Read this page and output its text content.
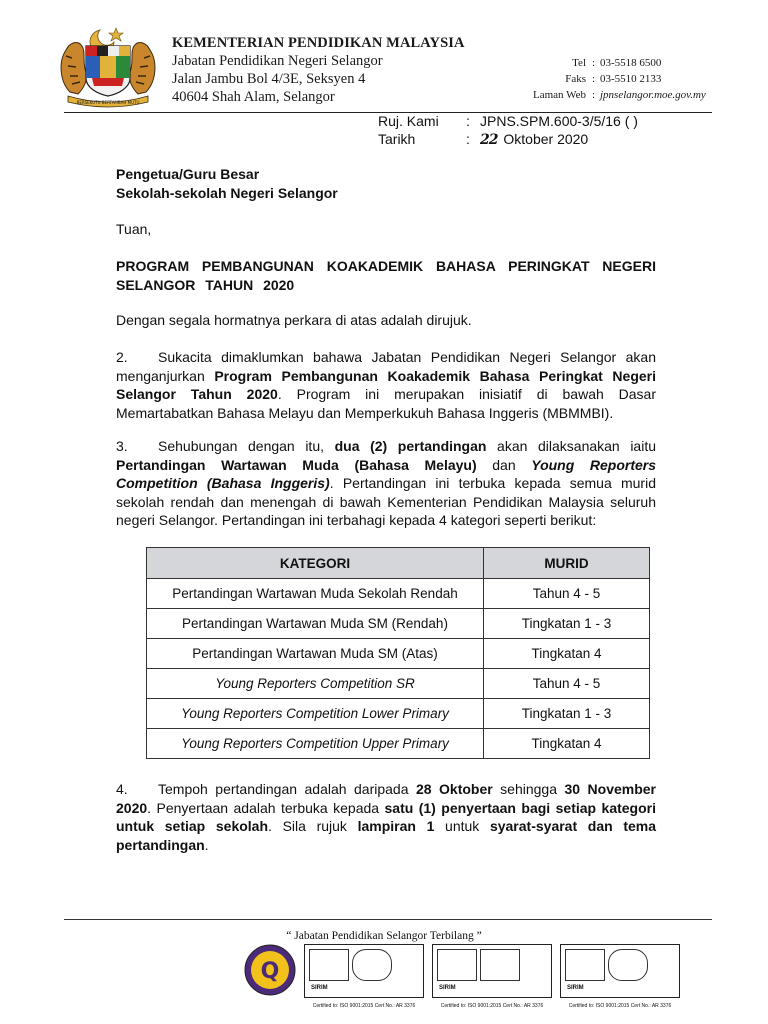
BERSEKUTU BERTAMBAH MUTU
KEMENTERIAN PENDIDIKAN MALAYSIA
Jabatan Pendidikan Negeri Selangor
Jalan Jambu Bol 4/3E, Seksyen 4
40604 Shah Alam, Selangor
Tel : 03-5518 6500
Faks : 03-5510 2133
Laman Web : jpnselangor.moe.gov.my
Ruj. Kami	: JPNS.SPM.600-3/5/16 ( )
Tarikh	: 22 Oktober 2020
Pengetua/Guru Besar
Sekolah-sekolah Negeri Selangor
Tuan,
PROGRAM PEMBANGUNAN KOAKADEMIK BAHASA PERINGKAT NEGERI SELANGOR TAHUN 2020
Dengan segala hormatnya perkara di atas adalah dirujuk.
2. Sukacita dimaklumkan bahawa Jabatan Pendidikan Negeri Selangor akan menganjurkan Program Pembangunan Koakademik Bahasa Peringkat Negeri Selangor Tahun 2020. Program ini merupakan inisiatif di bawah Dasar Memartabatkan Bahasa Melayu dan Memperkukuh Bahasa Inggeris (MBMMBI).
3. Sehubungan dengan itu, dua (2) pertandingan akan dilaksanakan iaitu Pertandingan Wartawan Muda (Bahasa Melayu) dan Young Reporters Competition (Bahasa Inggeris). Pertandingan ini terbuka kepada semua murid sekolah rendah dan menengah di bawah Kementerian Pendidikan Malaysia seluruh negeri Selangor. Pertandingan ini terbahagi kepada 4 kategori seperti berikut:
KATEGORI	MURID
Pertandingan Wartawan Muda Sekolah Rendah	Tahun 4 - 5
Pertandingan Wartawan Muda SM (Rendah)	Tingkatan 1 - 3
Pertandingan Wartawan Muda SM (Atas)	Tingkatan 4
Young Reporters Competition SR	Tahun 4 - 5
Young Reporters Competition Lower Primary	Tingkatan 1 - 3
Young Reporters Competition Upper Primary	Tingkatan 4
4. Tempoh pertandingan adalah daripada 28 Oktober sehingga 30 November 2020. Penyertaan adalah terbuka kepada satu (1) penyertaan bagi setiap kategori untuk setiap sekolah. Sila rujuk lampiran 1 untuk syarat-syarat dan tema pertandingan.
“ Jabatan Pendidikan Selangor Terbilang ”
Q
SIRIM
Certified to: ISO 9001:2015 Cert No.: AR 3376
SIRIM
Certified to: ISO 9001:2015 Cert No.: AR 3376
SIRIM
Certified to: ISO 9001:2015 Cert No.: AR 3376
